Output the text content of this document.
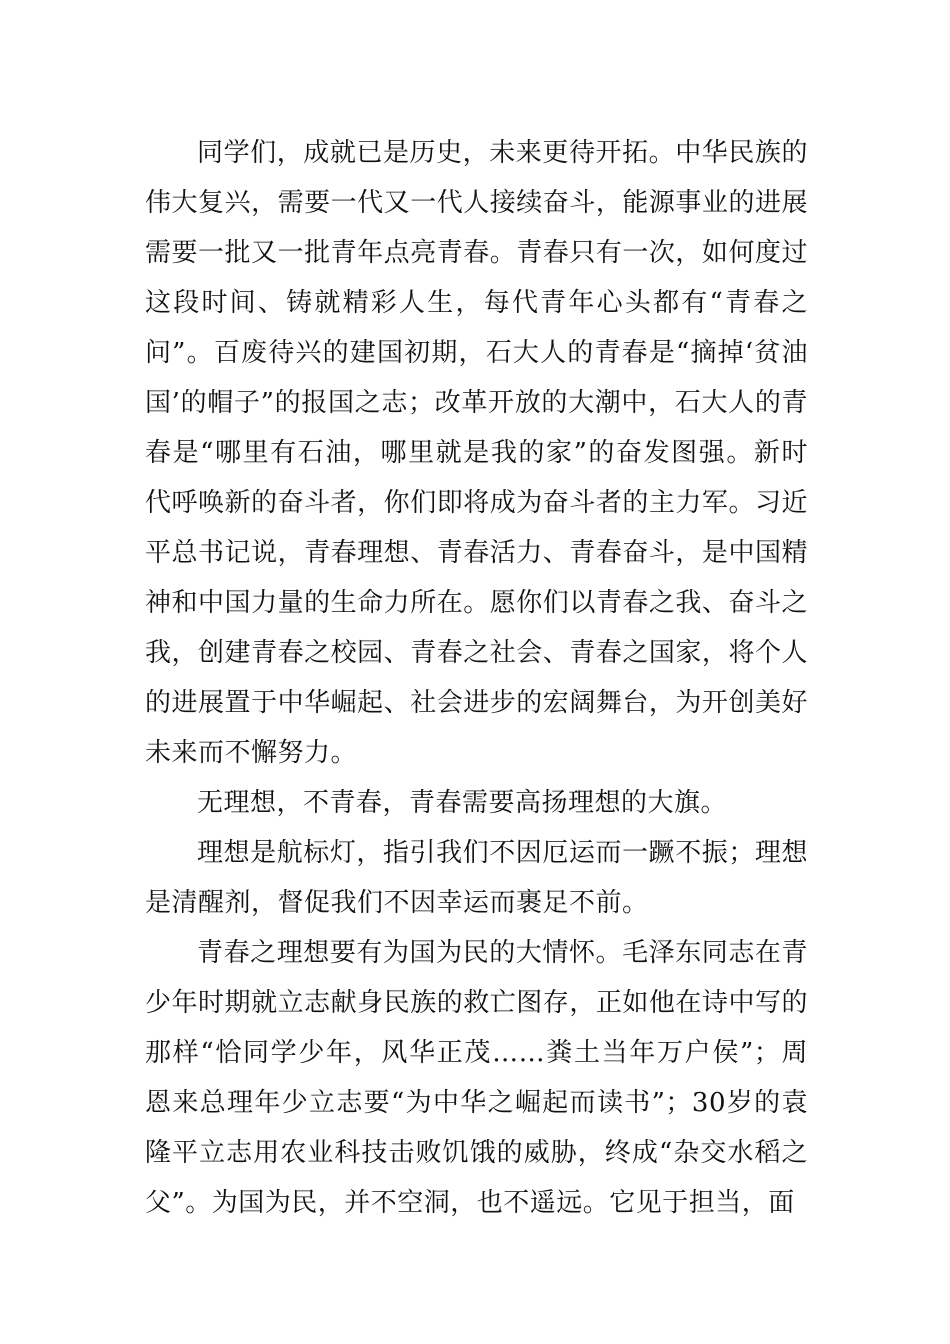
同学们，成就已是历史，未来更待开拓。中华民族的伟大复兴，需要一代又一代人接续奋斗，能源事业的进展需要一批又一批青年点亮青春。青春只有一次，如何度过这段时间、铸就精彩人生，每代青年心头都有“青春之问”。百废待兴的建国初期，石大人的青春是“摘掉‘贫油国’的帽子”的报国之志；改革开放的大潮中，石大人的青春是“哪里有石油，哪里就是我的家”的奋发图强。新时代呼唤新的奋斗者，你们即将成为奋斗者的主力军。习近平总书记说，青春理想、青春活力、青春奋斗，是中国精神和中国力量的生命力所在。愿你们以青春之我、奋斗之我，创建青春之校园、青春之社会、青春之国家，将个人的进展置于中华崛起、社会进步的宏阔舞台，为开创美好未来而不懈努力。

无理想，不青春，青春需要高扬理想的大旗。

理想是航标灯，指引我们不因厄运而一蹶不振；理想是清醒剂，督促我们不因幸运而裹足不前。

青春之理想要有为国为民的大情怀。毛泽东同志在青少年时期就立志献身民族的救亡图存，正如他在诗中写的那样“恰同学少年，风华正茂……粪土当年万户侯”；周恩来总理年少立志要“为中华之崛起而读书”；30岁的袁隆平立志用农业科技击败饥饿的威胁，终成“杂交水稻之父”。为国为民，并不空洞，也不遥远。它见于担当，面
